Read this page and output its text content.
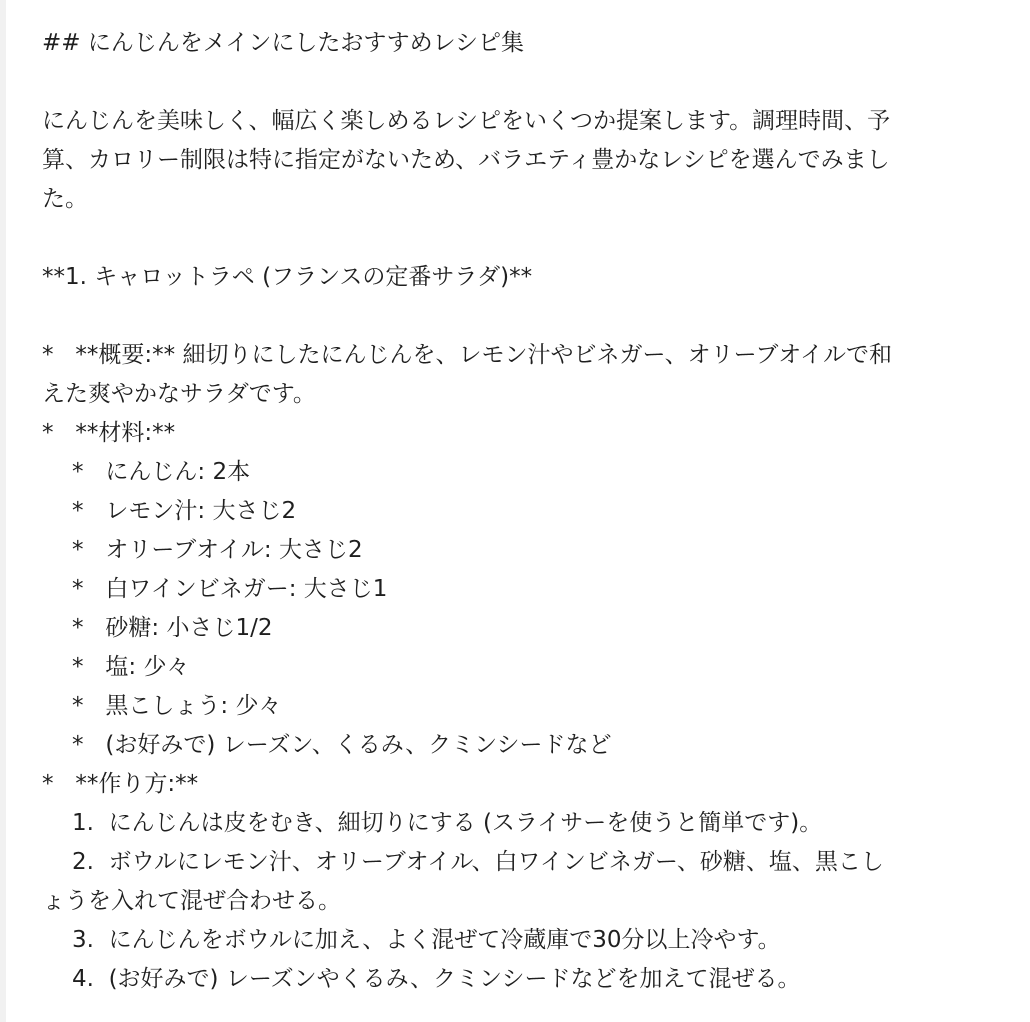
## にんじんをメインにしたおすすめレシピ集
にんじんを美味しく、幅広く楽しめるレシピをいくつか提案します。調理時間、予
算、カロリー制限は特に指定がないため、バラエティ豊かなレシピを選んでみまし
た。
**1. キャロットラペ (フランスの定番サラダ)**
*   **概要:** 細切りにしたにんじんを、レモン汁やビネガー、オリーブオイルで和
えた爽やかなサラダです。
*   **材料:**
*   にんじん: 2本
*   レモン汁: 大さじ2
*   オリーブオイル: 大さじ2
*   白ワインビネガー: 大さじ1
*   砂糖: 小さじ1/2
*   塩: 少々
*   黒こしょう: 少々
*   (お好みで) レーズン、くるみ、クミンシードなど
*   **作り方:**
1.  にんじんは皮をむき、細切りにする (スライサーを使うと簡単です)。
2.  ボウルにレモン汁、オリーブオイル、白ワインビネガー、砂糖、塩、黒こし
ょうを入れて混ぜ合わせる。
3.  にんじんをボウルに加え、よく混ぜて冷蔵庫で30分以上冷やす。
4.  (お好みで) レーズンやくるみ、クミンシードなどを加えて混ぜる。
